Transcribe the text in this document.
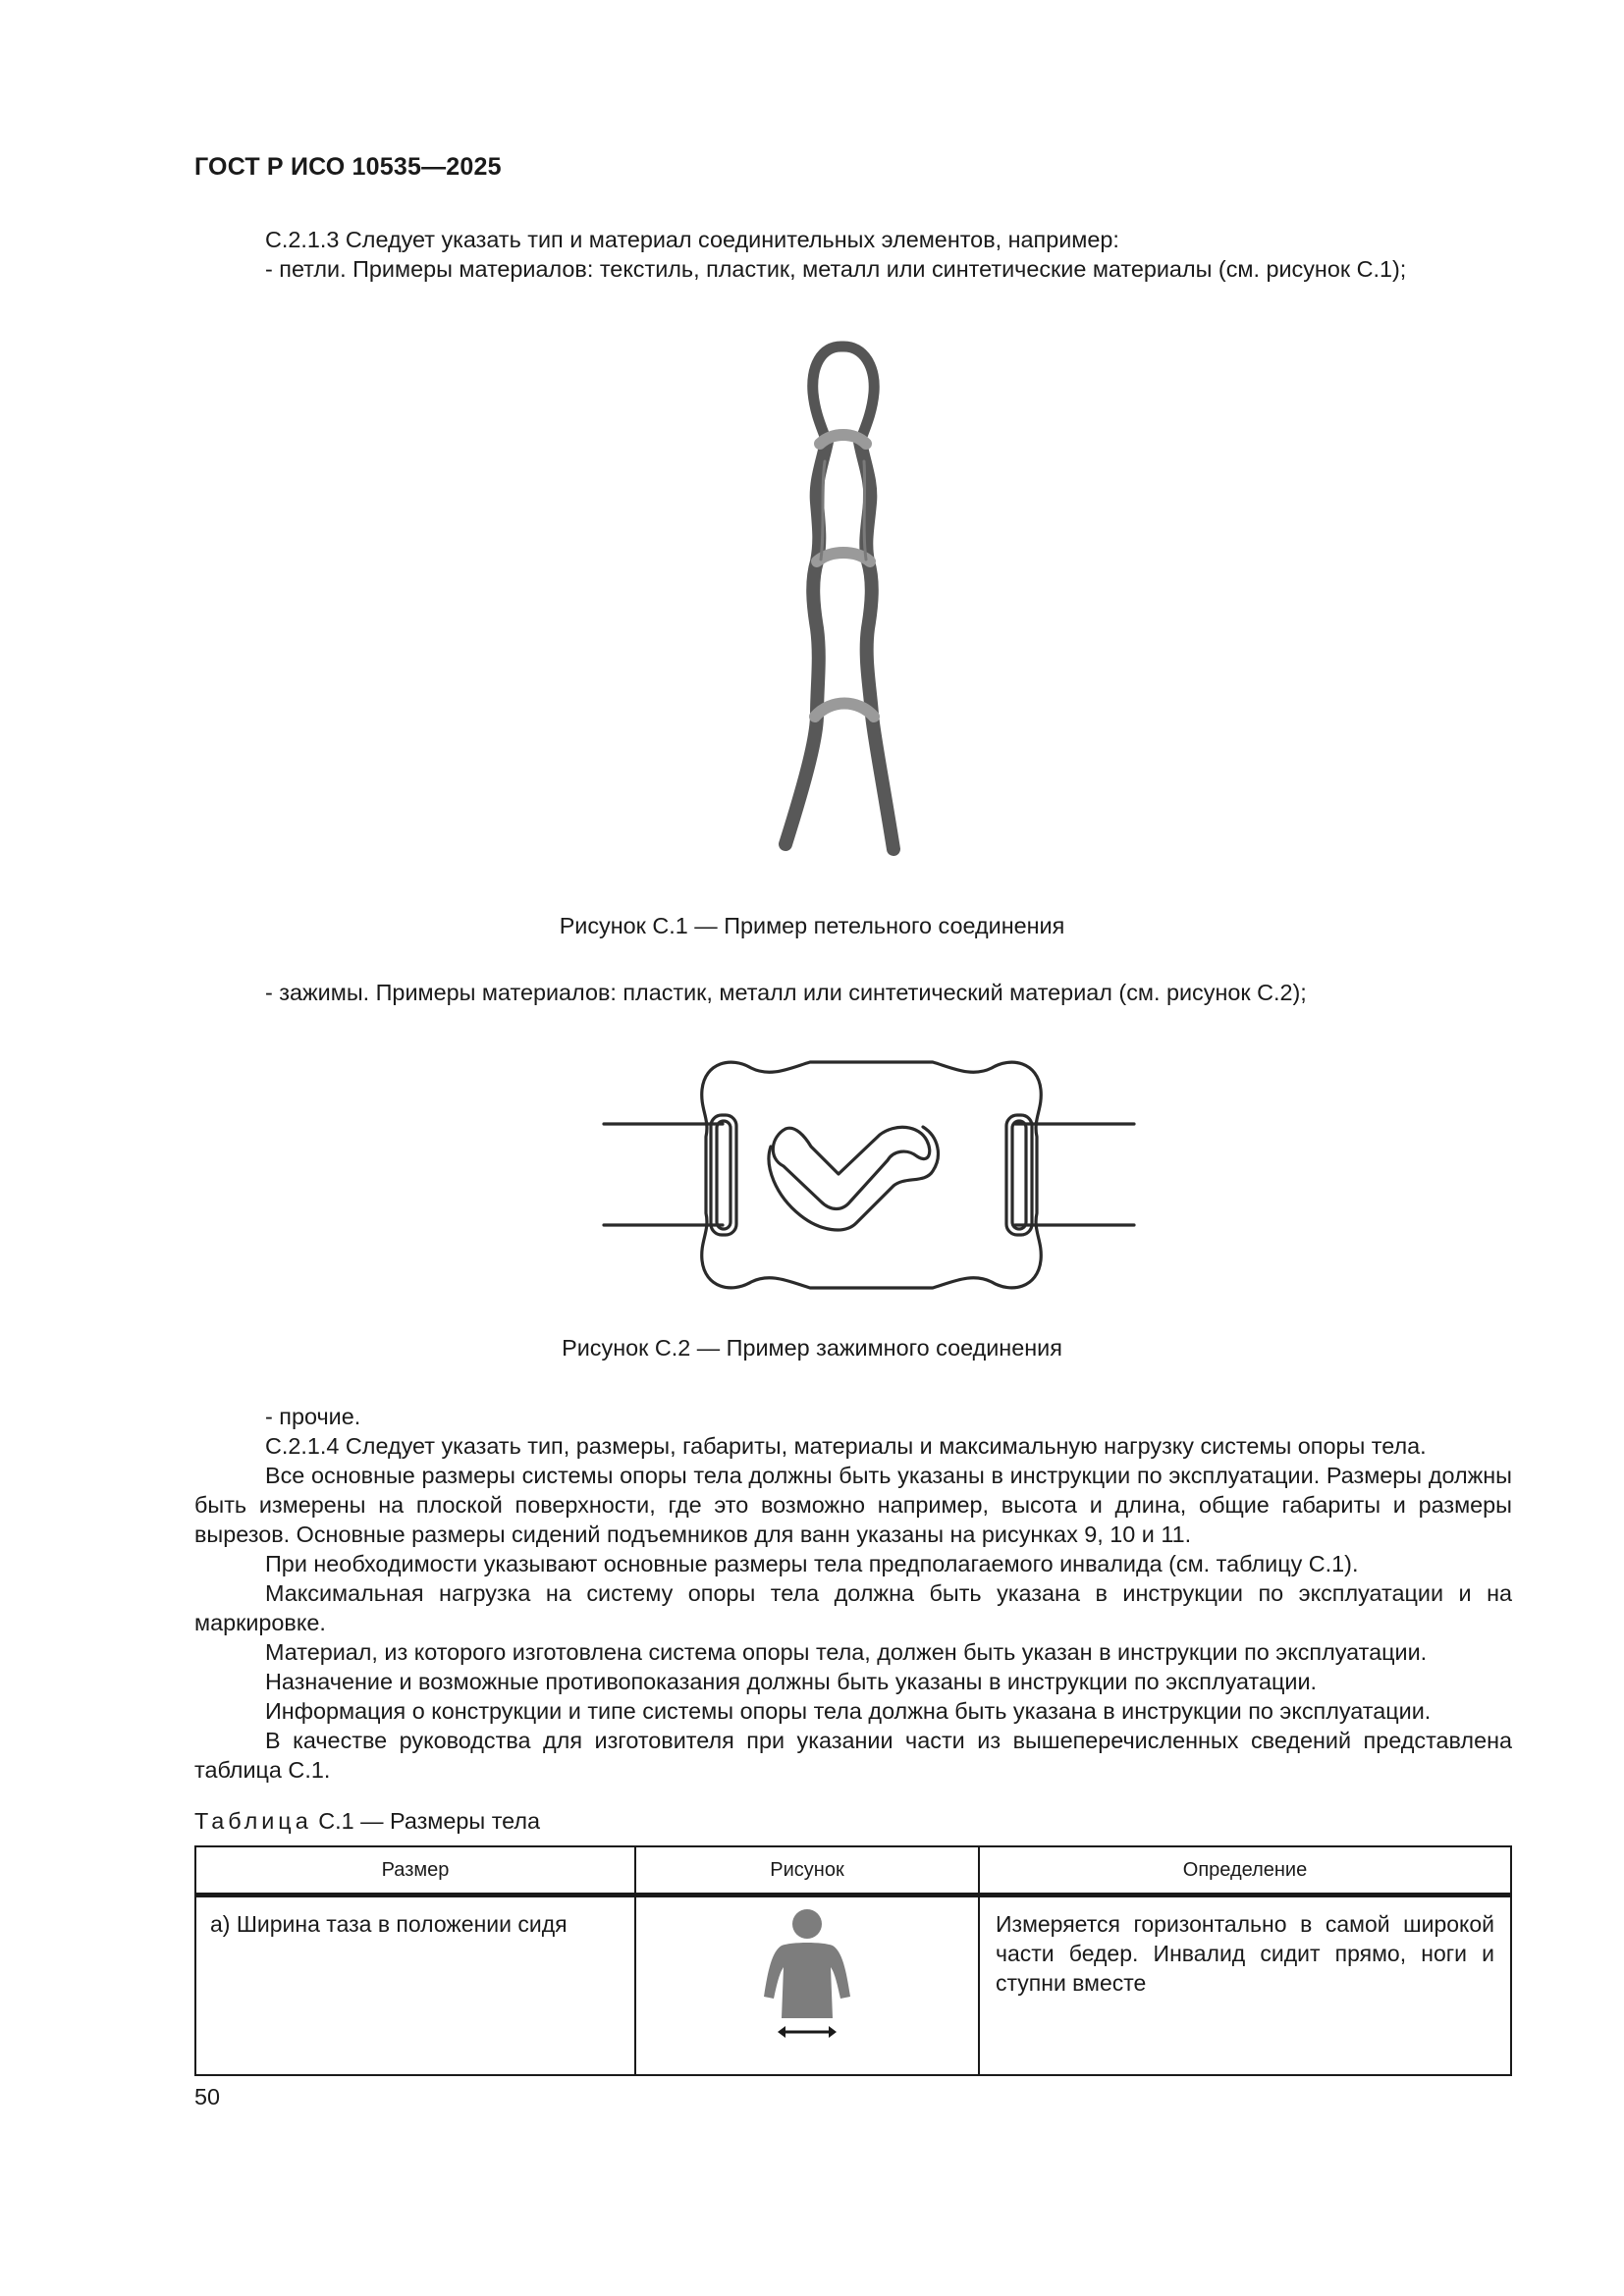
ГОСТ Р ИСО 10535—2025
С.2.1.3 Следует указать тип и материал соединительных элементов, например:
- петли. Примеры материалов: текстиль, пластик, металл или синтетические материалы (см. рисунок С.1);
Рисунок С.1 — Пример петельного соединения
- зажимы. Примеры материалов: пластик, металл или синтетический материал (см. рисунок С.2);
Рисунок С.2 — Пример зажимного соединения
- прочие.
С.2.1.4 Следует указать тип, размеры, габариты, материалы и максимальную нагрузку системы опоры тела.
Все основные размеры системы опоры тела должны быть указаны в инструкции по эксплуатации. Размеры должны быть измерены на плоской поверхности, где это возможно например, высота и длина, общие габариты и размеры вырезов. Основные размеры сидений подъемников для ванн указаны на рисунках 9, 10 и 11.
При необходимости указывают основные размеры тела предполагаемого инвалида (см. таблицу С.1).
Максимальная нагрузка на систему опоры тела должна быть указана в инструкции по эксплуатации и на маркировке.
Материал, из которого изготовлена система опоры тела, должен быть указан в инструкции по эксплуатации.
Назначение и возможные противопоказания должны быть указаны в инструкции по эксплуатации.
Информация о конструкции и типе системы опоры тела должна быть указана в инструкции по эксплуатации.
В качестве руководства для изготовителя при указании части из вышеперечисленных сведений представлена таблица С.1.
Таблица С.1 — Размеры тела
Размер	Рисунок	Определение
а) Ширина таза в положении сидя		Измеряется горизонтально в самой широкой части бедер. Инвалид сидит прямо, ноги и ступни вместе
50
